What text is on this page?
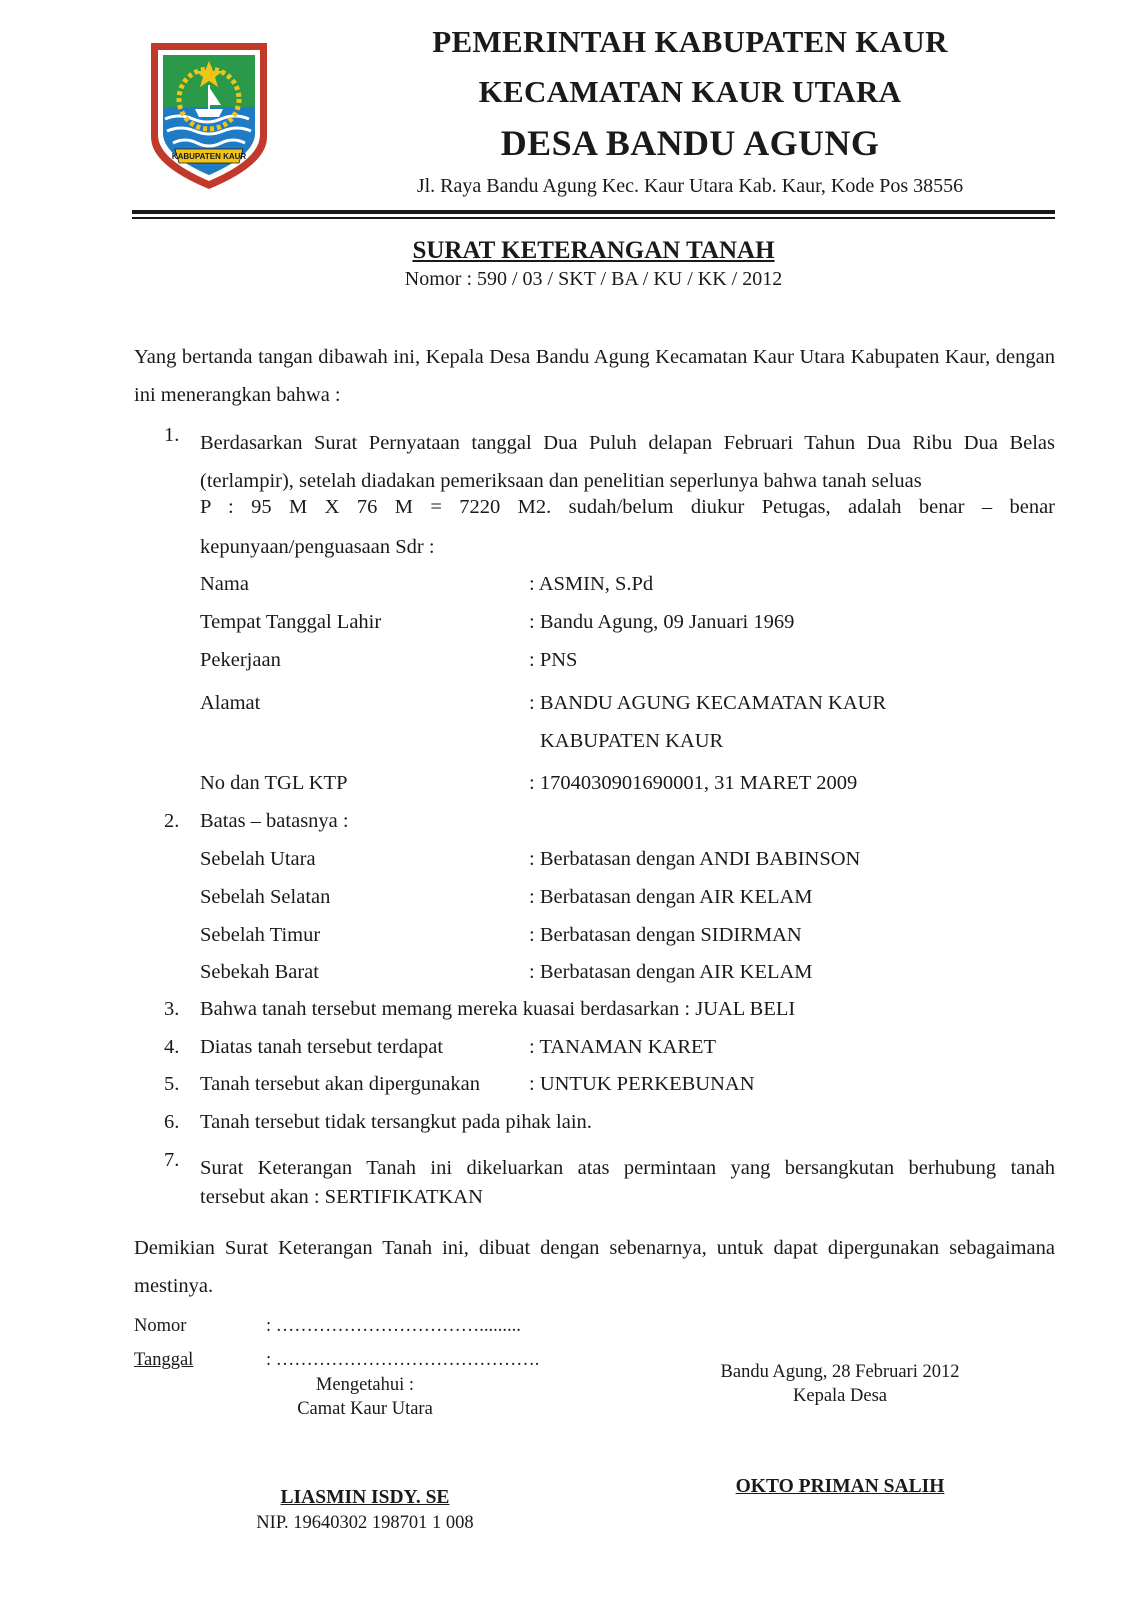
KABUPATEN KAUR
PEMERINTAH KABUPATEN KAUR
KECAMATAN KAUR UTARA
DESA BANDU AGUNG
Jl. Raya Bandu Agung Kec. Kaur Utara Kab. Kaur, Kode Pos 38556
SURAT KETERANGAN TANAH
Nomor : 590 / 03 / SKT / BA / KU / KK / 2012
Yang bertanda tangan dibawah ini, Kepala Desa Bandu Agung Kecamatan Kaur Utara Kabupaten Kaur, dengan ini menerangkan bahwa :
1. Berdasarkan Surat Pernyataan tanggal Dua Puluh delapan Februari Tahun Dua Ribu Dua Belas (terlampir), setelah diadakan pemeriksaan dan penelitian seperlunya bahwa tanah seluas
P : 95 M X 76 M = 7220 M2. sudah/belum diukur Petugas, adalah benar – benar
kepunyaan/penguasaan Sdr :
Nama	: ASMIN, S.Pd
Tempat Tanggal Lahir	: Bandu Agung, 09 Januari 1969
Pekerjaan	: PNS
Alamat	: BANDU AGUNG KECAMATAN KAUR
KABUPATEN KAUR
No dan TGL KTP	: 1704030901690001, 31 MARET 2009
2. Batas – batasnya :
Sebelah Utara	: Berbatasan dengan ANDI BABINSON
Sebelah Selatan	: Berbatasan dengan AIR KELAM
Sebelah Timur	: Berbatasan dengan SIDIRMAN
Sebekah Barat	: Berbatasan dengan AIR KELAM
3. Bahwa tanah tersebut memang mereka kuasai berdasarkan : JUAL BELI
4. Diatas tanah tersebut terdapat	: TANAMAN KARET
5. Tanah tersebut akan dipergunakan : UNTUK PERKEBUNAN
6. Tanah tersebut tidak tersangkut pada pihak lain.
7. Surat Keterangan Tanah ini dikeluarkan atas permintaan yang bersangkutan berhubung tanah
tersebut akan : SERTIFIKATKAN
Demikian Surat Keterangan Tanah ini, dibuat dengan sebenarnya, untuk dapat dipergunakan sebagaimana mestinya.
Nomor	: …………………………….........
Tanggal	: …………………………………….
Mengetahui :
Camat Kaur Utara
LIASMIN ISDY. SE
NIP. 19640302 198701 1 008
Bandu Agung, 28 Februari 2012
Kepala Desa
OKTO PRIMAN SALIH
